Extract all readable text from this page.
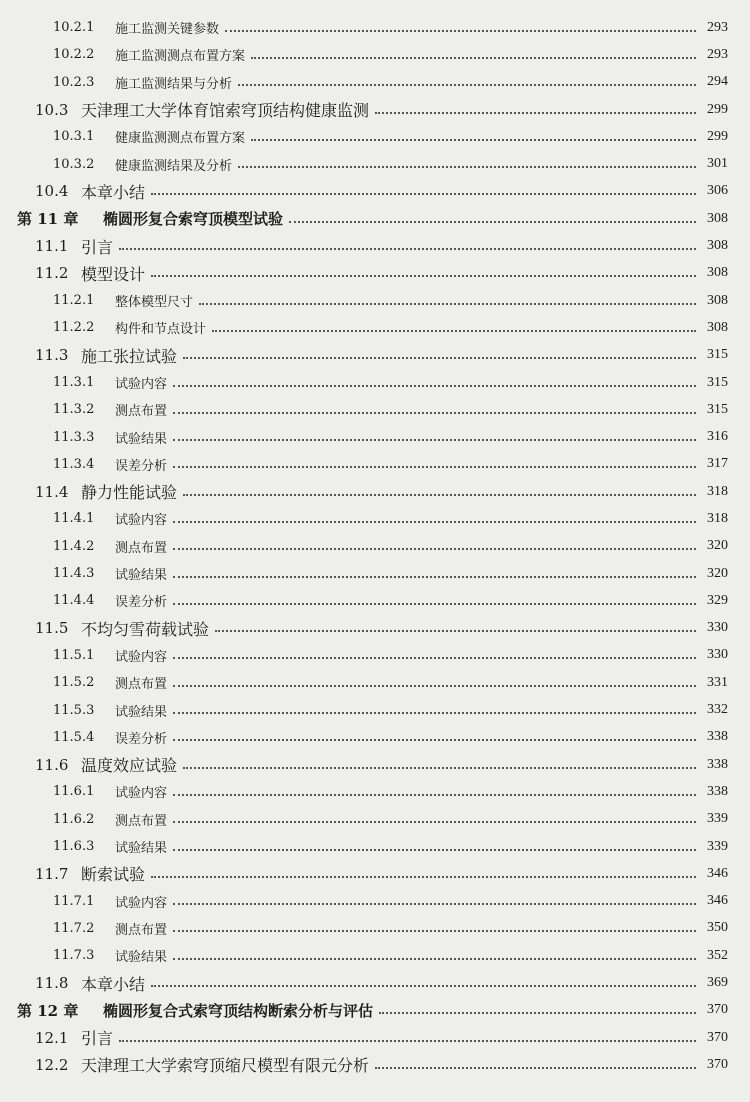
10.2.1	施工监测关键参数	293
10.2.2	施工监测测点布置方案	293
10.2.3	施工监测结果与分析	294
10.3 天津理工大学体育馆索穹顶结构健康监测	299
10.3.1	健康监测测点布置方案	299
10.3.2	健康监测结果及分析	301
10.4 本章小结	306
第 11 章	椭圆形复合索穹顶模型试验	308
11.1 引言	308
11.2 模型设计	308
11.2.1	整体模型尺寸	308
11.2.2	构件和节点设计	308
11.3 施工张拉试验	315
11.3.1	试验内容	315
11.3.2	测点布置	315
11.3.3	试验结果	316
11.3.4	误差分析	317
11.4 静力性能试验	318
11.4.1	试验内容	318
11.4.2	测点布置	320
11.4.3	试验结果	320
11.4.4	误差分析	329
11.5 不均匀雪荷载试验	330
11.5.1	试验内容	330
11.5.2	测点布置	331
11.5.3	试验结果	332
11.5.4	误差分析	338
11.6 温度效应试验	338
11.6.1	试验内容	338
11.6.2	测点布置	339
11.6.3	试验结果	339
11.7 断索试验	346
11.7.1	试验内容	346
11.7.2	测点布置	350
11.7.3	试验结果	352
11.8 本章小结	369
第 12 章	椭圆形复合式索穹顶结构断索分析与评估	370
12.1 引言	370
12.2 天津理工大学索穹顶缩尺模型有限元分析	370
